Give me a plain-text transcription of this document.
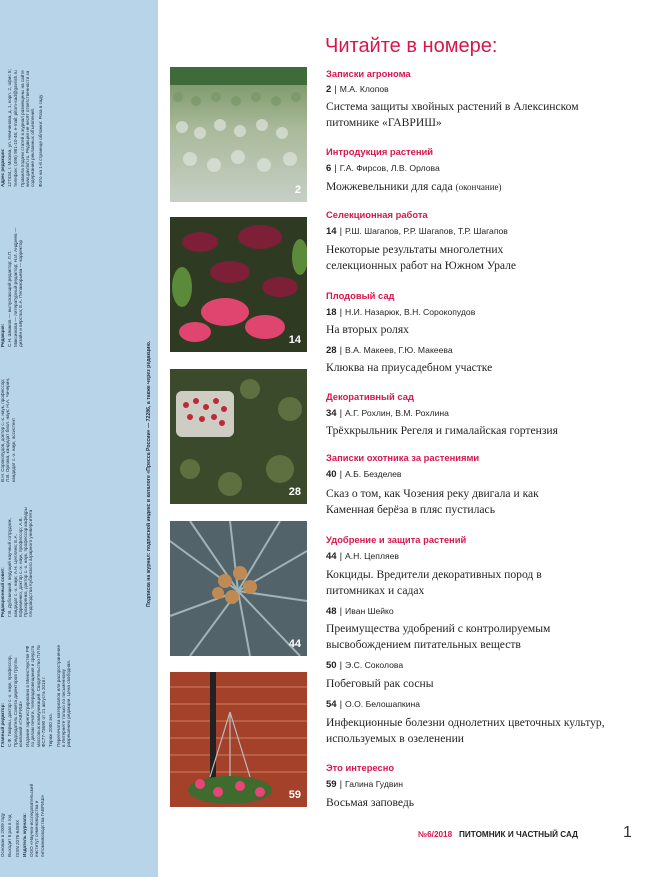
Основан в 2009 году Выходит 6 раз в год ISSN 2076-6459X Издатель журнала: ООО «Научно-исследовательский институт семеноводства и питомниководства ГАВРИШ»

Главный редактор: С.Ф. Гавриш, доктор с.-х. наук, профессор, Председатель Совета директоров Группы компаний «ГАВРИШ» Издание зарегистрировано в Министерстве РФ по делам печати, телерадиовещания и средств массовых коммуникаций. Свидетельство ПИ № ФС77-73690 от 21 августа 2018 г. Тираж 2000 экз. Перепечатка материалов или распространение в Интернете только по письменному разрешению редакции. Цена свободная.

Редакционный совет: Г.В. Дубовицкий, ведущий научный сотрудник, кандидат с.-х. наук; А.Н. Цепляев; Е.А. Ефременко, доктор с.-х. наук, профессор; А.В. Прохоренко, доктор с.-х. наук, профессор кафедры плодоводства Кубанского аграрного университета

В.Н. Сорокопудов, доктор с.-х. наук, профессор; Л.В. Орлова, кандидат биол. наук; Н.А. Чичерин, кандидат с.-х. наук, ассистент

Редакция: С.Н. Шмаков — выпускающий редактор; Л.П. Максимова — литературный редактор; Н.И. Андреев — дизайн и вёрстка; Е.А. Пеламорьева — корректор

Адрес редакции: 127434, г. Москва, ул. Немчинова, д. 1, корп. 2, офис 5; телефон: (495) 981-10-46; e-mail: pitom-sad@gavrish.ru Правила подачи статей в журнал размещены на сайте www.gavrish.ru. Редакция не несёт ответственности за содержание рекламных объявлений. Фото на 1-й странице обложки: Роза в саду

Подписка на журнал: подписной индекс в каталоге «Пресса России» — 72286, а также через редакцию.
2
14
28
44
59
Читайте в номере:
Записки агронома
2 | М.А. Клопов
Система защиты хвойных растений в Алексинском питомнике «ГАВРИШ»
Интродукция растений
6 | Г.А. Фирсов, Л.В. Орлова
Можжевельники для сада (окончание)
Селекционная работа
14 | Р.Ш. Шагапов, Р.Р. Шагапов, Т.Р. Шагапов
Некоторые результаты многолетних селекционных работ на Южном Урале
Плодовый сад
18 | Н.И. Назарюк, В.Н. Сорокопудов
На вторых ролях
28 | В.А. Макеев, Г.Ю. Макеева
Клюква на приусадебном участке
Декоративный сад
34 | А.Г. Рохлин, В.М. Рохлина
Трёхкрыльник Регеля и гималайская гортензия
Записки охотника за растениями
40 | А.Б. Безделев
Сказ о том, как Чозения реку двигала и как Каменная берёза в пляс пустилась
Удобрение и защита растений
44 | А.Н. Цепляев
Кокциды. Вредители декоративных пород в питомниках и садах
48 | Иван Шейко
Преимущества удобрений с контролируемым высвобождением питательных веществ
50 | Э.С. Соколова
Побеговый рак сосны
54 | О.О. Белошапкина
Инфекционные болезни однолетних цветочных культур, используемых в озеленении
Это интересно
59 | Галина Гудвин
Восьмая заповедь
№6/2018 ПИТОМНИК И ЧАСТНЫЙ САД	1
